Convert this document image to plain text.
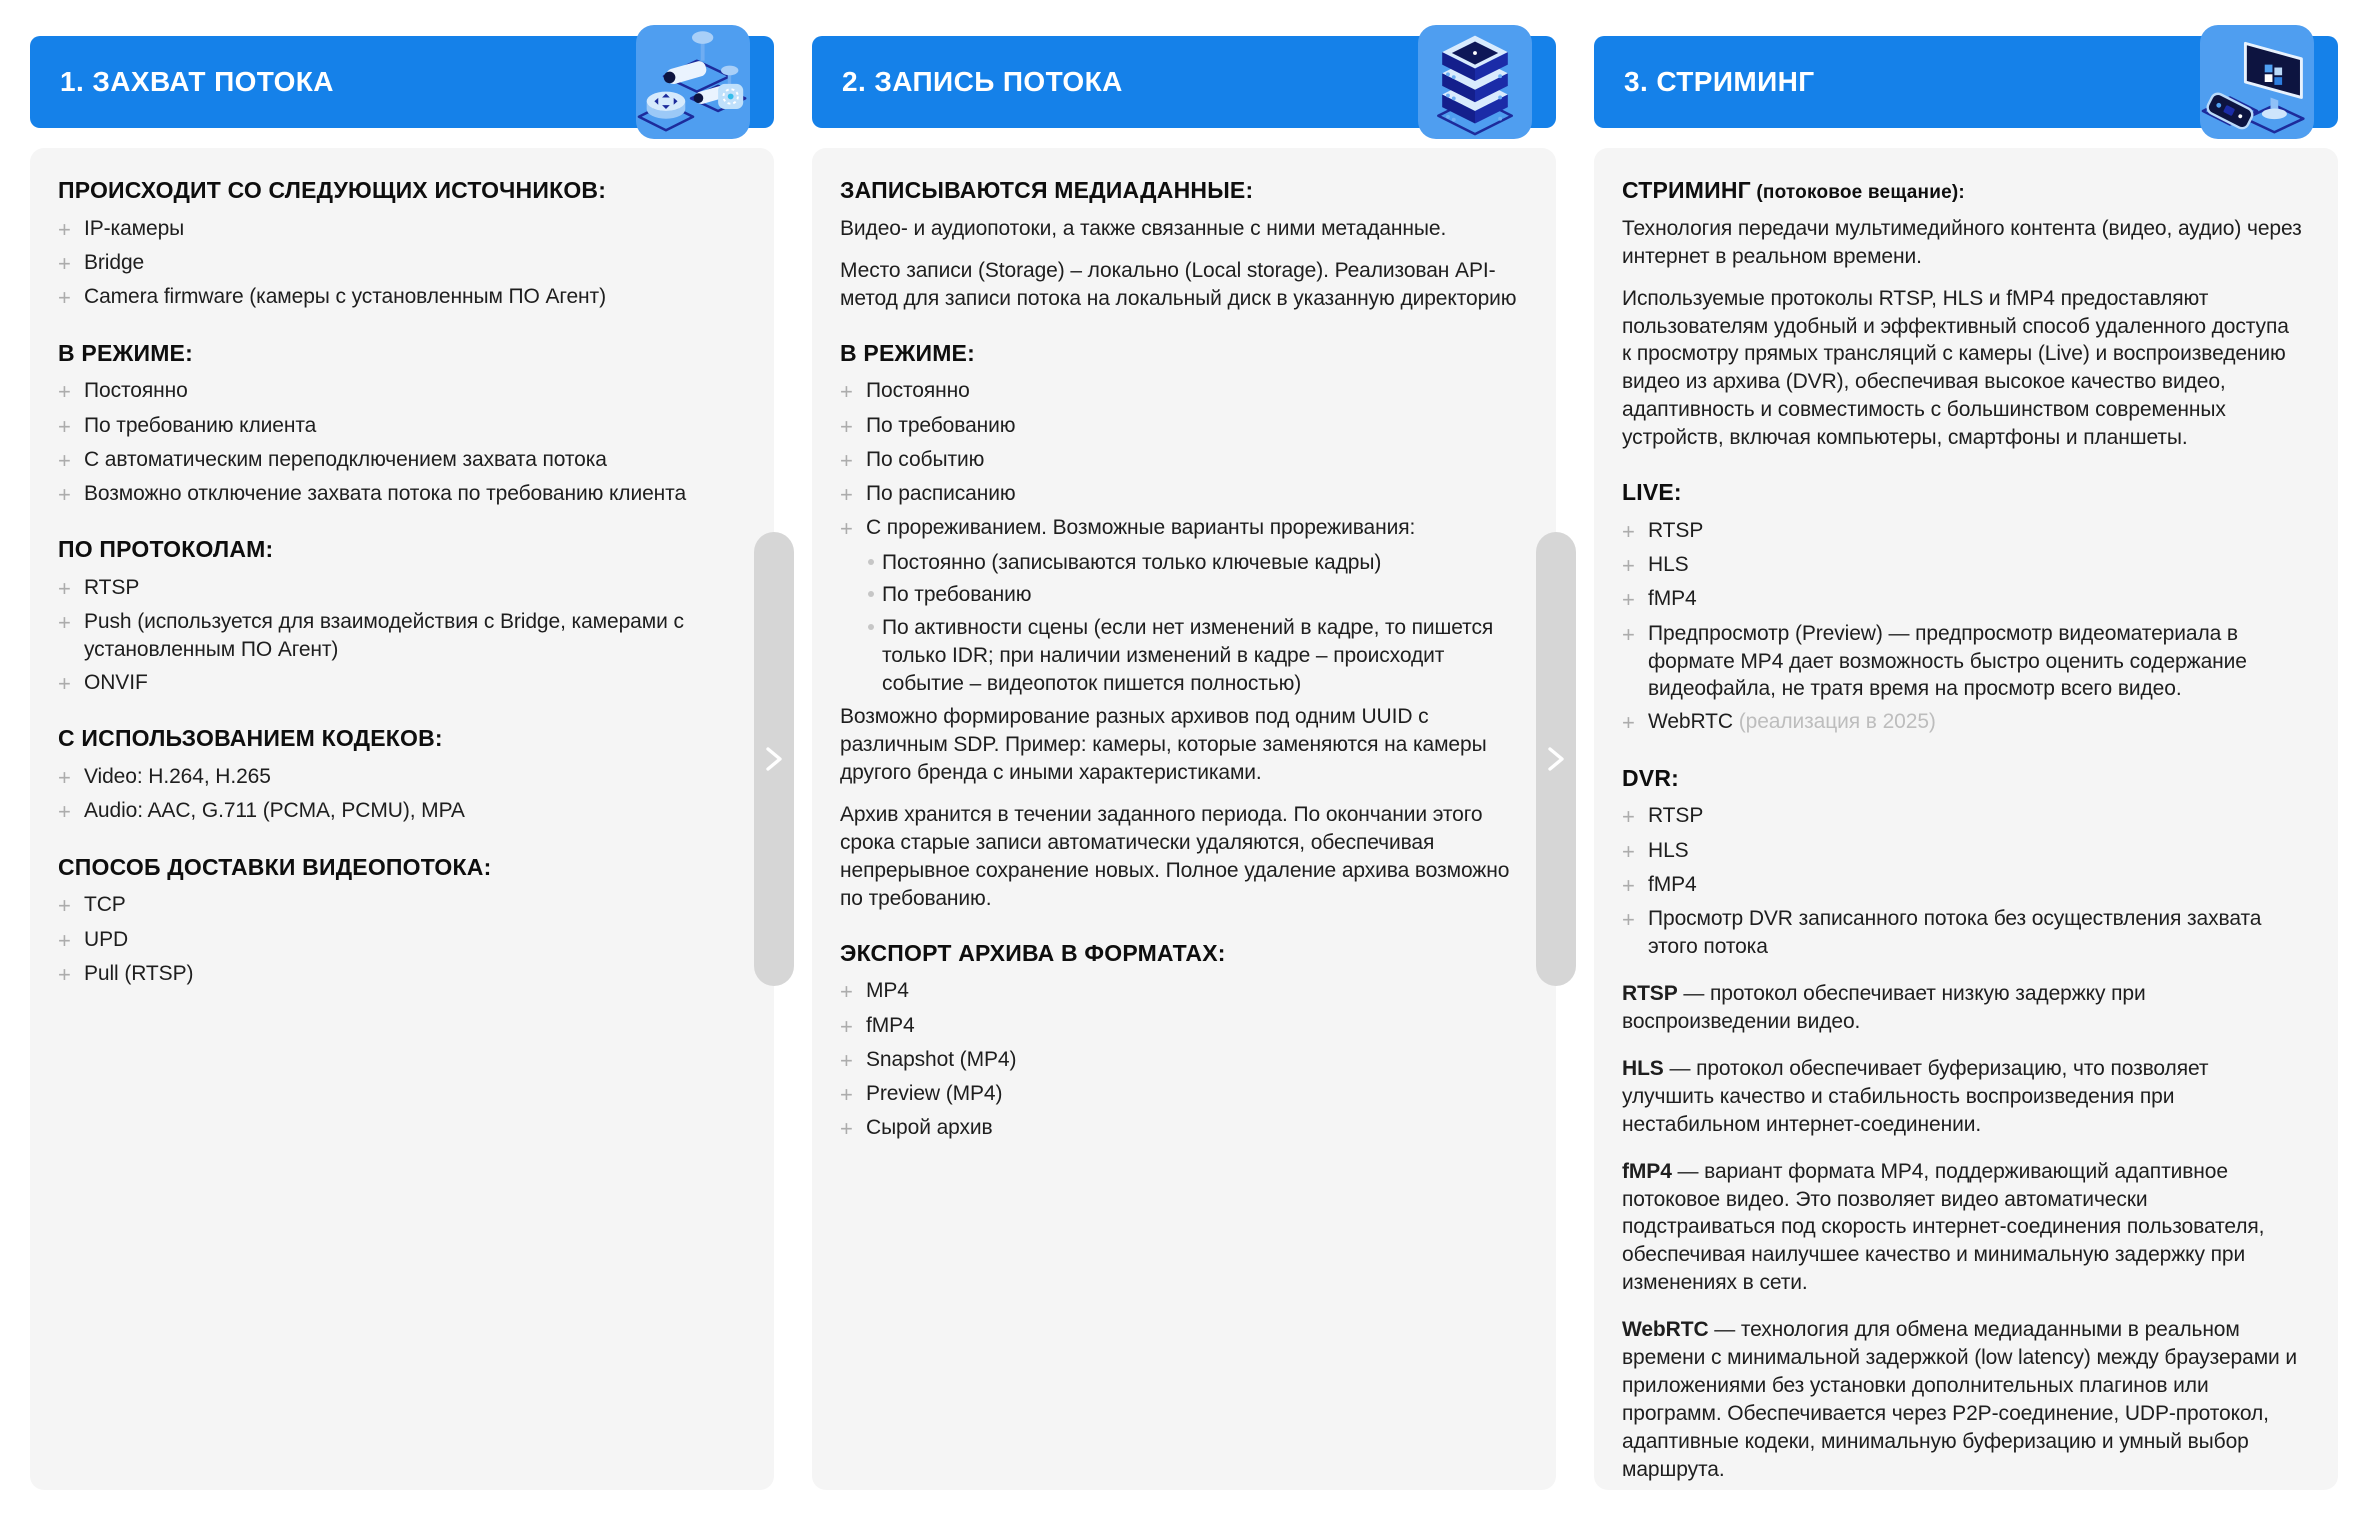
1. ЗАХВАТ ПОТОКА
ПРОИСХОДИТ СО СЛЕДУЮЩИХ ИСТОЧНИКОВ:
+ IP-камеры
+ Bridge
+ Camera firmware (камеры с установленным ПО Агент)
В РЕЖИМЕ:
+ Постоянно
+ По требованию клиента
+ С автоматическим переподключением захвата потока
+ Возможно отключение захвата потока по требованию клиента
ПО ПРОТОКОЛАМ:
+ RTSP
+ Push (используется для взаимодействия с Bridge, камерами с установленным ПО Агент)
+ ONVIF
С ИСПОЛЬЗОВАНИЕМ КОДЕКОВ:
+ Video: H.264, H.265
+ Audio: AAC, G.711 (PCMA, PCMU), MPA
СПОСОБ ДОСТАВКИ ВИДЕОПОТОКА:
+ TCP
+ UPD
+ Pull (RTSP)
2. ЗАПИСЬ ПОТОКА
ЗАПИСЫВАЮТСЯ МЕДИАДАННЫЕ:

Видео- и аудиопотоки, а также связанные с ними метаданные.

Место записи (Storage) – локально (Local storage). Реализован API-метод для записи потока на локальный диск в указанную директорию

В РЕЖИМЕ:
+ Постоянно
+ По требованию
+ По событию
+ По расписанию
+ С прореживанием. Возможные варианты прореживания:
Постоянно (записываются только ключевые кадры)
По требованию
По активности сцены (если нет изменений в кадре, то пишется только IDR; при наличии изменений в кадре – происходит событие – видеопоток пишется полностью)

Возможно формирование разных архивов под одним UUID с различным SDP. Пример: камеры, которые заменяются на камеры другого бренда с иными характеристиками.

Архив хранится в течении заданного периода. По окончании этого срока старые записи автоматически удаляются, обеспечивая непрерывное сохранение новых. Полное удаление архива возможно по требованию.

ЭКСПОРТ АРХИВА В ФОРМАТАХ:
+ MP4
+ fMP4
+ Snapshot (MP4)
+ Preview (MP4)
+ Сырой архив
3. СТРИМИНГ
СТРИМИНГ (потоковое вещание):

Технология передачи мультимедийного контента (видео, аудио) через интернет в реальном времени.

Используемые протоколы RTSP, HLS и fMP4 предоставляют пользователям удобный и эффективный способ удаленного доступа к просмотру прямых трансляций с камеры (Live) и воспроизведению видео из архива (DVR), обеспечивая высокое качество видео, адаптивность и совместимость с большинством современных устройств, включая компьютеры, смартфоны и планшеты.

LIVE:
+ RTSP
+ HLS
+ fMP4
+ Предпросмотр (Preview) — предпросмотр видеоматериала в формате MP4 дает возможность быстро оценить содержание видеофайла, не тратя время на просмотр всего видео.
+ WebRTC (реализация в 2025)
DVR:
+ RTSP
+ HLS
+ fMP4
+ Просмотр DVR записанного потока без осуществления захвата этого потока

RTSP — протокол обеспечивает низкую задержку при воспроизведении видео.

HLS — протокол обеспечивает буферизацию, что позволяет улучшить качество и стабильность воспроизведения при нестабильном интернет-соединении.

fMP4 — вариант формата MP4, поддерживающий адаптивное потоковое видео. Это позволяет видео автоматически подстраиваться под скорость интернет-соединения пользователя, обеспечивая наилучшее качество и минимальную задержку при изменениях в сети.

WebRTC — технология для обмена медиаданными в реальном времени с минимальной задержкой (low latency) между браузерами и приложениями без установки дополнительных плагинов или программ. Обеспечивается через P2P-соединение, UDP-протокол, адаптивные кодеки, минимальную буферизацию и умный выбор маршрута.
